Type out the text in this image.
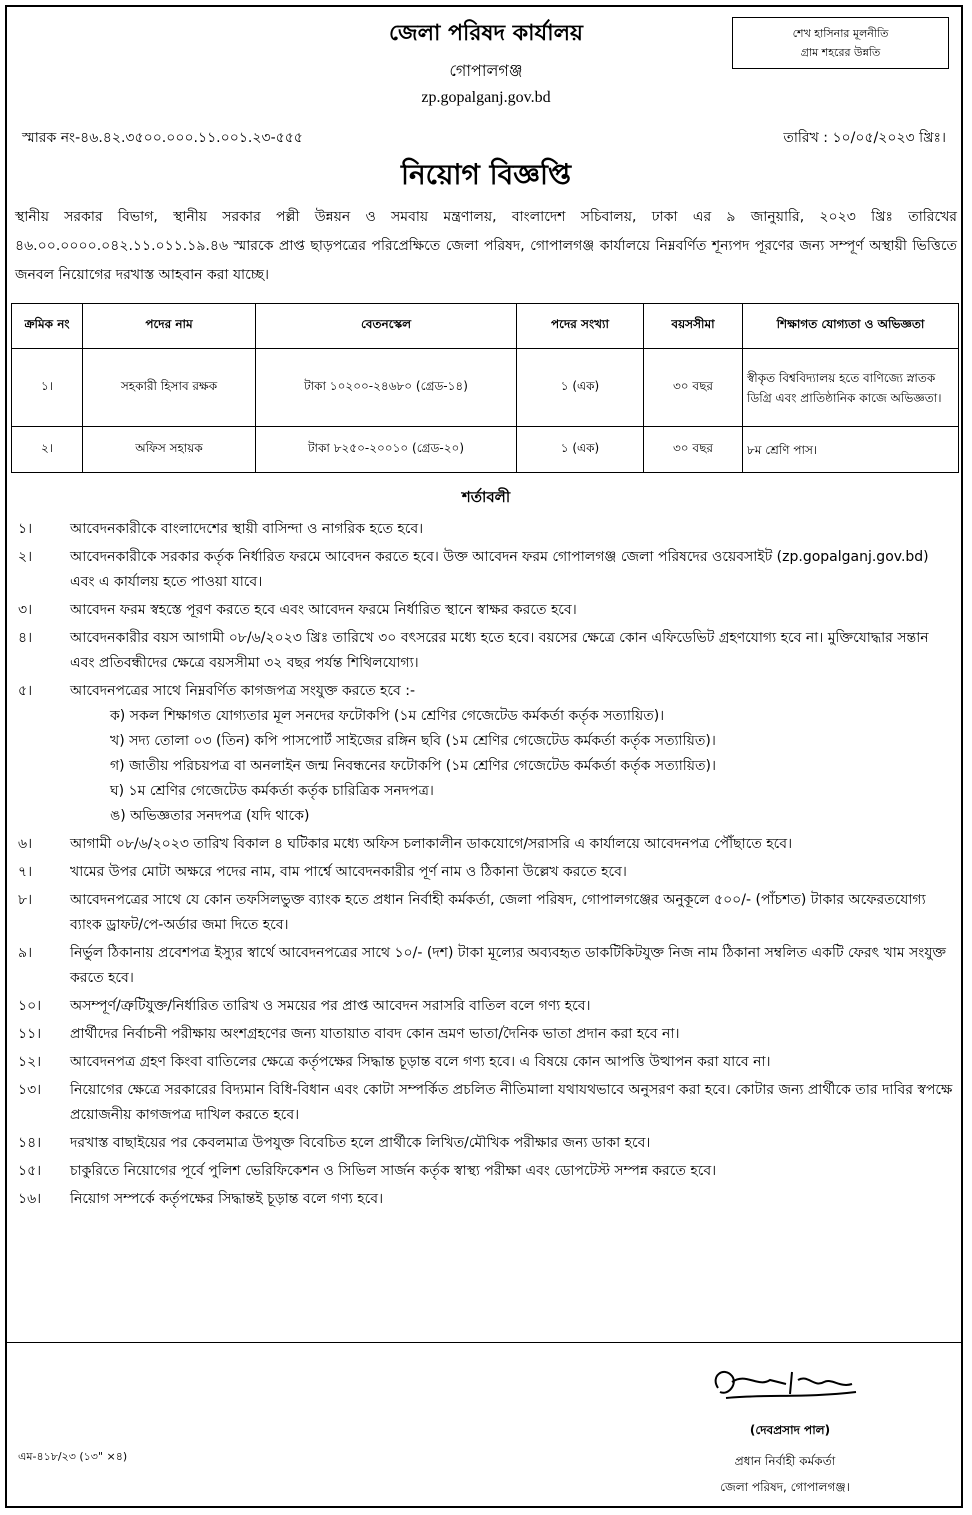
শেখ হাসিনার মূলনীতি
গ্রাম শহরের উন্নতি
জেলা পরিষদ কার্যালয়
গোপালগঞ্জ
zp.gopalganj.gov.bd
স্মারক নং-৪৬.৪২.৩৫০০.০০০.১১.০০১.২৩-৫৫৫	তারিখ : ১০/০৫/২০২৩ খ্রিঃ।
নিয়োগ বিজ্ঞপ্তি
স্থানীয় সরকার বিভাগ, স্থানীয় সরকার পল্লী উন্নয়ন ও সমবায় মন্ত্রণালয়, বাংলাদেশ সচিবালয়, ঢাকা এর ৯ জানুয়ারি, ২০২৩ খ্রিঃ তারিখের ৪৬.০০.০০০০.০৪২.১১.০১১.১৯.৪৬ স্মারকে প্রাপ্ত ছাড়পত্রের পরিপ্রেক্ষিতে জেলা পরিষদ, গোপালগঞ্জ কার্যালয়ে নিম্নবর্ণিত শূন্যপদ পূরণের জন্য সম্পূর্ণ অস্থায়ী ভিত্তিতে জনবল নিয়োগের দরখাস্ত আহবান করা যাচ্ছে।
ক্রমিক নং	পদের নাম	বেতনস্কেল	পদের সংখ্যা	বয়সসীমা	শিক্ষাগত যোগ্যতা ও অভিজ্ঞতা
১।	সহকারী হিসাব রক্ষক	টাকা ১০২০০-২৪৬৮০ (গ্রেড-১৪)	১ (এক)	৩০ বছর	স্বীকৃত বিশ্ববিদ্যালয় হতে বাণিজ্যে স্নাতক ডিগ্রি এবং প্রাতিষ্ঠানিক কাজে অভিজ্ঞতা।
২।	অফিস সহায়ক	টাকা ৮২৫০-২০০১০ (গ্রেড-২০)	১ (এক)	৩০ বছর	৮ম শ্রেণি পাস।
শর্তাবলী
১।	আবেদনকারীকে বাংলাদেশের স্থায়ী বাসিন্দা ও নাগরিক হতে হবে।
২।	আবেদনকারীকে সরকার কর্তৃক নির্ধারিত ফরমে আবেদন করতে হবে। উক্ত আবেদন ফরম গোপালগঞ্জ জেলা পরিষদের ওয়েবসাইট (zp.gopalganj.gov.bd) এবং এ কার্যালয় হতে পাওয়া যাবে।
৩।	আবেদন ফরম স্বহস্তে পূরণ করতে হবে এবং আবেদন ফরমে নির্ধারিত স্থানে স্বাক্ষর করতে হবে।
৪।	আবেদনকারীর বয়স আগামী ০৮/৬/২০২৩ খ্রিঃ তারিখে ৩০ বৎসরের মধ্যে হতে হবে। বয়সের ক্ষেত্রে কোন এফিডেভিট গ্রহণযোগ্য হবে না। মুক্তিযোদ্ধার সন্তান এবং প্রতিবন্ধীদের ক্ষেত্রে বয়সসীমা ৩২ বছর পর্যন্ত শিথিলযোগ্য।
৫।	আবেদনপত্রের সাথে নিম্নবর্ণিত কাগজপত্র সংযুক্ত করতে হবে :-
ক) সকল শিক্ষাগত যোগ্যতার মূল সনদের ফটোকপি (১ম শ্রেণির গেজেটেড কর্মকর্তা কর্তৃক সত্যায়িত)।
খ) সদ্য তোলা ০৩ (তিন) কপি পাসপোর্ট সাইজের রঙ্গিন ছবি (১ম শ্রেণির গেজেটেড কর্মকর্তা কর্তৃক সত্যায়িত)।
গ) জাতীয় পরিচয়পত্র বা অনলাইন জন্ম নিবন্ধনের ফটোকপি (১ম শ্রেণির গেজেটেড কর্মকর্তা কর্তৃক সত্যায়িত)।
ঘ) ১ম শ্রেণির গেজেটেড কর্মকর্তা কর্তৃক চারিত্রিক সনদপত্র।
ঙ) অভিজ্ঞতার সনদপত্র (যদি থাকে)
৬।	আগামী ০৮/৬/২০২৩ তারিখ বিকাল ৪ ঘটিকার মধ্যে অফিস চলাকালীন ডাকযোগে/সরাসরি এ কার্যালয়ে আবেদনপত্র পৌঁছাতে হবে।
৭।	খামের উপর মোটা অক্ষরে পদের নাম, বাম পার্শ্বে আবেদনকারীর পূর্ণ নাম ও ঠিকানা উল্লেখ করতে হবে।
৮।	আবেদনপত্রের সাথে যে কোন তফসিলভুক্ত ব্যাংক হতে প্রধান নির্বাহী কর্মকর্তা, জেলা পরিষদ, গোপালগঞ্জের অনুকূলে ৫০০/- (পাঁচশত) টাকার অফেরতযোগ্য ব্যাংক ড্রাফট/পে-অর্ডার জমা দিতে হবে।
৯।	নির্ভুল ঠিকানায় প্রবেশপত্র ইস্যুর স্বার্থে আবেদনপত্রের সাথে ১০/- (দশ) টাকা মূল্যের অব্যবহৃত ডাকটিকিটযুক্ত নিজ নাম ঠিকানা সম্বলিত একটি ফেরৎ খাম সংযুক্ত করতে হবে।
১০।	অসম্পূর্ণ/ত্রুটিযুক্ত/নির্ধারিত তারিখ ও সময়ের পর প্রাপ্ত আবেদন সরাসরি বাতিল বলে গণ্য হবে।
১১।	প্রার্থীদের নির্বাচনী পরীক্ষায় অংশগ্রহণের জন্য যাতায়াত বাবদ কোন ভ্রমণ ভাতা/দৈনিক ভাতা প্রদান করা হবে না।
১২।	আবেদনপত্র গ্রহণ কিংবা বাতিলের ক্ষেত্রে কর্তৃপক্ষের সিদ্ধান্ত চূড়ান্ত বলে গণ্য হবে। এ বিষয়ে কোন আপত্তি উত্থাপন করা যাবে না।
১৩।	নিয়োগের ক্ষেত্রে সরকারের বিদ্যমান বিধি-বিধান এবং কোটা সম্পর্কিত প্রচলিত নীতিমালা যথাযথভাবে অনুসরণ করা হবে। কোটার জন্য প্রার্থীকে তার দাবির স্বপক্ষে প্রয়োজনীয় কাগজপত্র দাখিল করতে হবে।
১৪।	দরখাস্ত বাছাইয়ের পর কেবলমাত্র উপযুক্ত বিবেচিত হলে প্রার্থীকে লিখিত/মৌখিক পরীক্ষার জন্য ডাকা হবে।
১৫।	চাকুরিতে নিয়োগের পূর্বে পুলিশ ভেরিফিকেশন ও সিভিল সার্জন কর্তৃক স্বাস্থ্য পরীক্ষা এবং ডোপটেস্ট সম্পন্ন করতে হবে।
১৬।	নিয়োগ সম্পর্কে কর্তৃপক্ষের সিদ্ধান্তই চূড়ান্ত বলে গণ্য হবে।
(দেবপ্রসাদ পাল)
প্রধান নির্বাহী কর্মকর্তা
জেলা পরিষদ, গোপালগঞ্জ।
এম-৪১৮/২৩ (১৩" ×৪)
